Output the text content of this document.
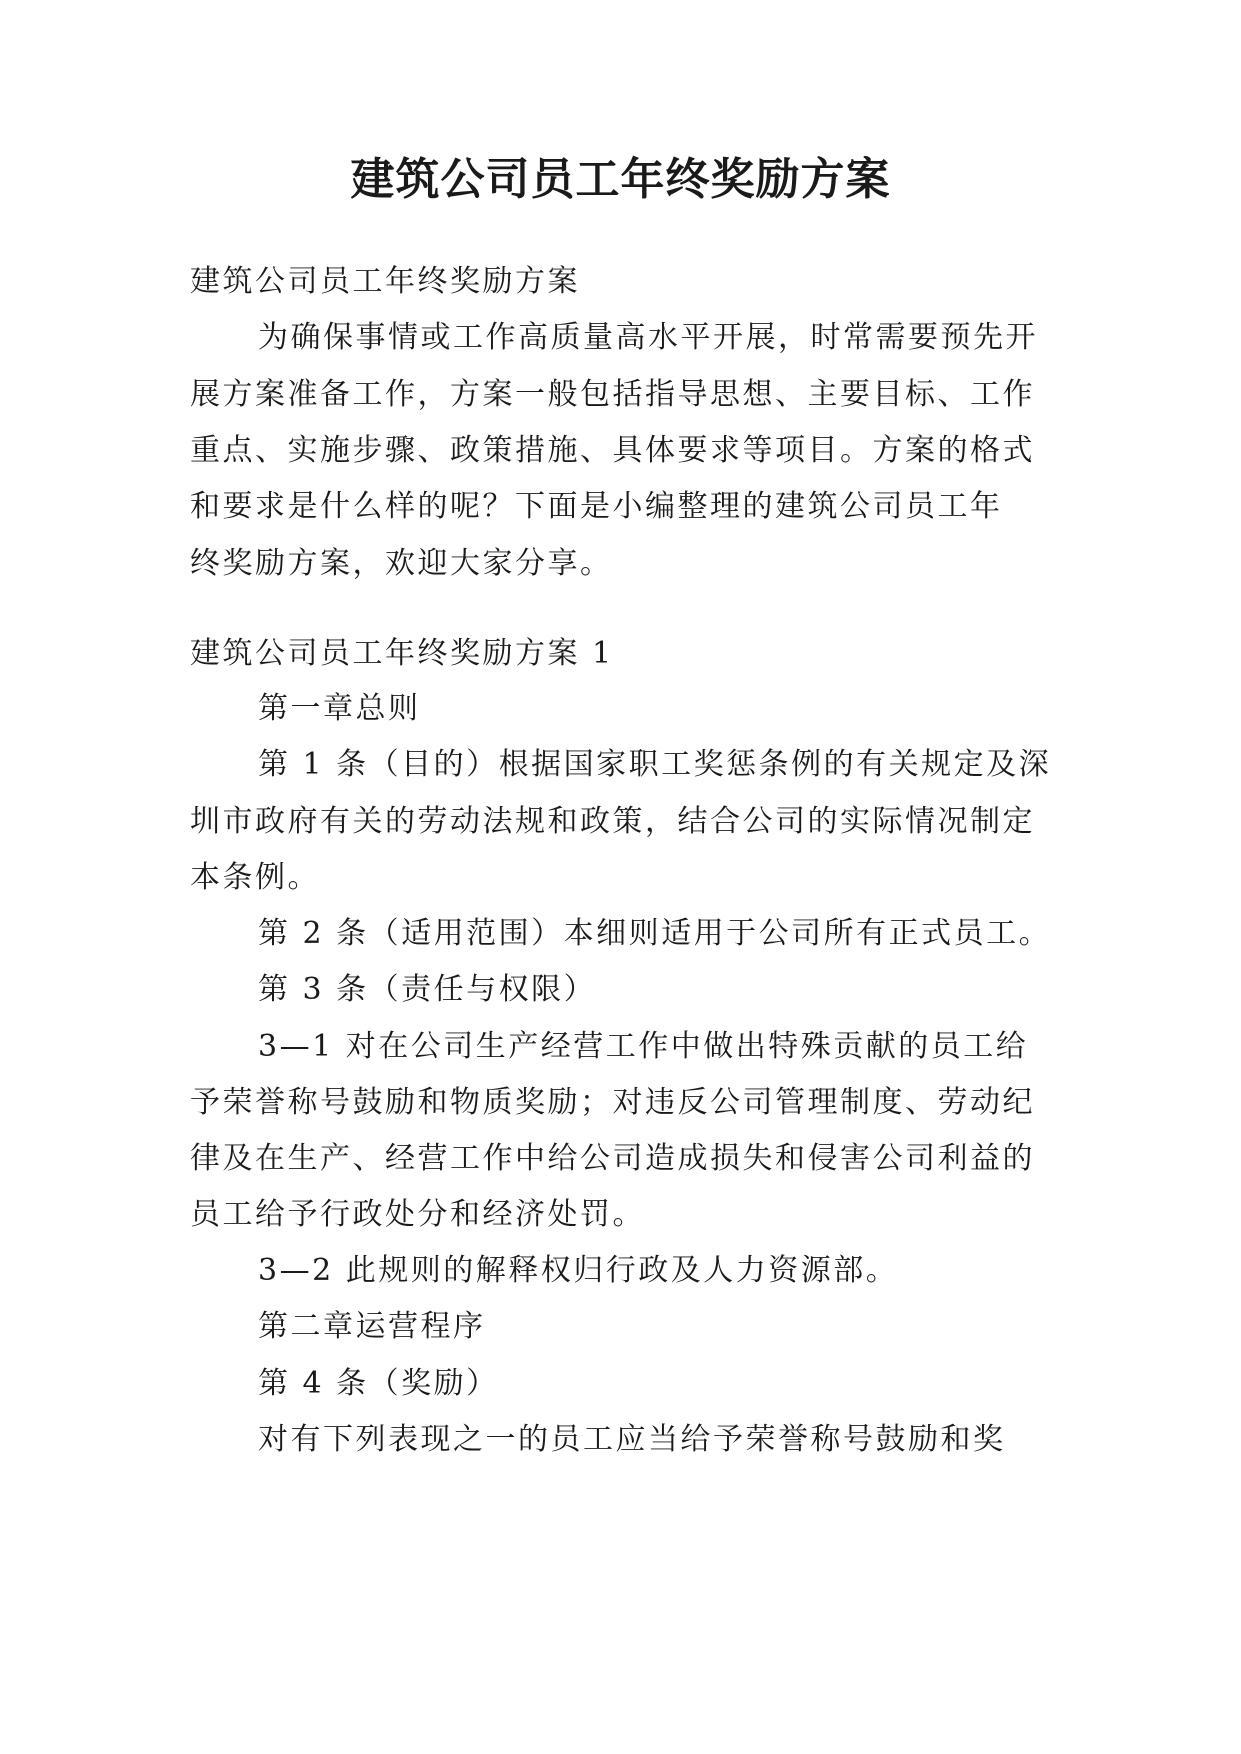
建筑公司员工年终奖励方案

建筑公司员工年终奖励方案

为确保事情或工作高质量高水平开展，时常需要预先开

展方案准备工作，方案一般包括指导思想、主要目标、工作

重点、实施步骤、政策措施、具体要求等项目。方案的格式

和要求是什么样的呢？下面是小编整理的建筑公司员工年

终奖励方案，欢迎大家分享。

建筑公司员工年终奖励方案 1

第一章总则

第 1 条（目的）根据国家职工奖惩条例的有关规定及深

圳市政府有关的劳动法规和政策，结合公司的实际情况制定

本条例。

第 2 条（适用范围）本细则适用于公司所有正式员工。

第 3 条（责任与权限）

3—1 对在公司生产经营工作中做出特殊贡献的员工给

予荣誉称号鼓励和物质奖励；对违反公司管理制度、劳动纪

律及在生产、经营工作中给公司造成损失和侵害公司利益的

员工给予行政处分和经济处罚。

3—2 此规则的解释权归行政及人力资源部。

第二章运营程序

第 4 条（奖励）

对有下列表现之一的员工应当给予荣誉称号鼓励和奖
